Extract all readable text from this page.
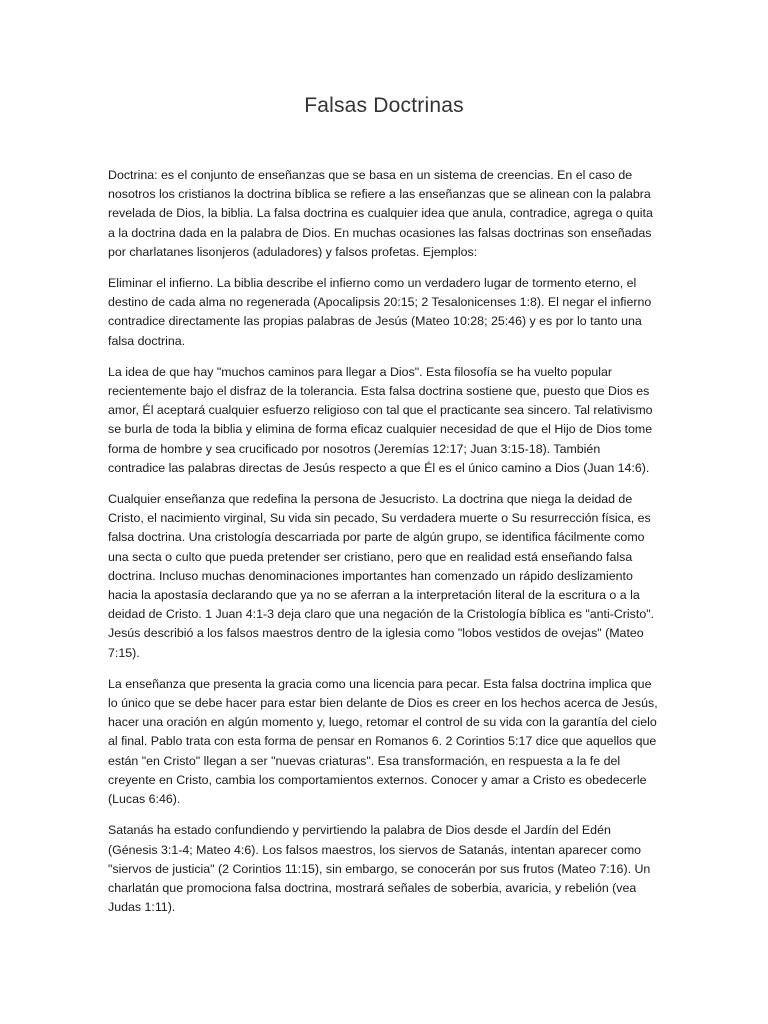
Falsas Doctrinas

Doctrina: es el conjunto de enseñanzas que se basa en un sistema de creencias. En el caso de nosotros los cristianos la doctrina bíblica se refiere a las enseñanzas que se alinean con la palabra revelada de Dios, la biblia. La falsa doctrina es cualquier idea que anula, contradice, agrega o quita a la doctrina dada en la palabra de Dios. En muchas ocasiones las falsas doctrinas son enseñadas por charlatanes lisonjeros (aduladores) y falsos profetas. Ejemplos:

Eliminar el infierno. La biblia describe el infierno como un verdadero lugar de tormento eterno, el destino de cada alma no regenerada (Apocalipsis 20:15; 2 Tesalonicenses 1:8). El negar el infierno contradice directamente las propias palabras de Jesús (Mateo 10:28; 25:46) y es por lo tanto una falsa doctrina.

La idea de que hay "muchos caminos para llegar a Dios". Esta filosofía se ha vuelto popular recientemente bajo el disfraz de la tolerancia. Esta falsa doctrina sostiene que, puesto que Dios es amor, Él aceptará cualquier esfuerzo religioso con tal que el practicante sea sincero. Tal relativismo se burla de toda la biblia y elimina de forma eficaz cualquier necesidad de que el Hijo de Dios tome forma de hombre y sea crucificado por nosotros (Jeremías 12:17; Juan 3:15-18). También contradice las palabras directas de Jesús respecto a que Él es el único camino a Dios (Juan 14:6).

Cualquier enseñanza que redefina la persona de Jesucristo. La doctrina que niega la deidad de Cristo, el nacimiento virginal, Su vida sin pecado, Su verdadera muerte o Su resurrección física, es falsa doctrina. Una cristología descarriada por parte de algún grupo, se identifica fácilmente como una secta o culto que pueda pretender ser cristiano, pero que en realidad está enseñando falsa doctrina. Incluso muchas denominaciones importantes han comenzado un rápido deslizamiento hacia la apostasía declarando que ya no se aferran a la interpretación literal de la escritura o a la deidad de Cristo. 1 Juan 4:1-3 deja claro que una negación de la Cristología bíblica es "anti-Cristo". Jesús describió a los falsos maestros dentro de la iglesia como "lobos vestidos de ovejas" (Mateo 7:15).

La enseñanza que presenta la gracia como una licencia para pecar. Esta falsa doctrina implica que lo único que se debe hacer para estar bien delante de Dios es creer en los hechos acerca de Jesús, hacer una oración en algún momento y, luego, retomar el control de su vida con la garantía del cielo al final. Pablo trata con esta forma de pensar en Romanos 6. 2 Corintios 5:17 dice que aquellos que están "en Cristo" llegan a ser "nuevas criaturas". Esa transformación, en respuesta a la fe del creyente en Cristo, cambia los comportamientos externos. Conocer y amar a Cristo es obedecerle (Lucas 6:46).

Satanás ha estado confundiendo y pervirtiendo la palabra de Dios desde el Jardín del Edén (Génesis 3:1-4; Mateo 4:6). Los falsos maestros, los siervos de Satanás, intentan aparecer como "siervos de justicia" (2 Corintios 11:15), sin embargo, se conocerán por sus frutos (Mateo 7:16). Un charlatán que promociona falsa doctrina, mostrará señales de soberbia, avaricia, y rebelión (vea Judas 1:11).
